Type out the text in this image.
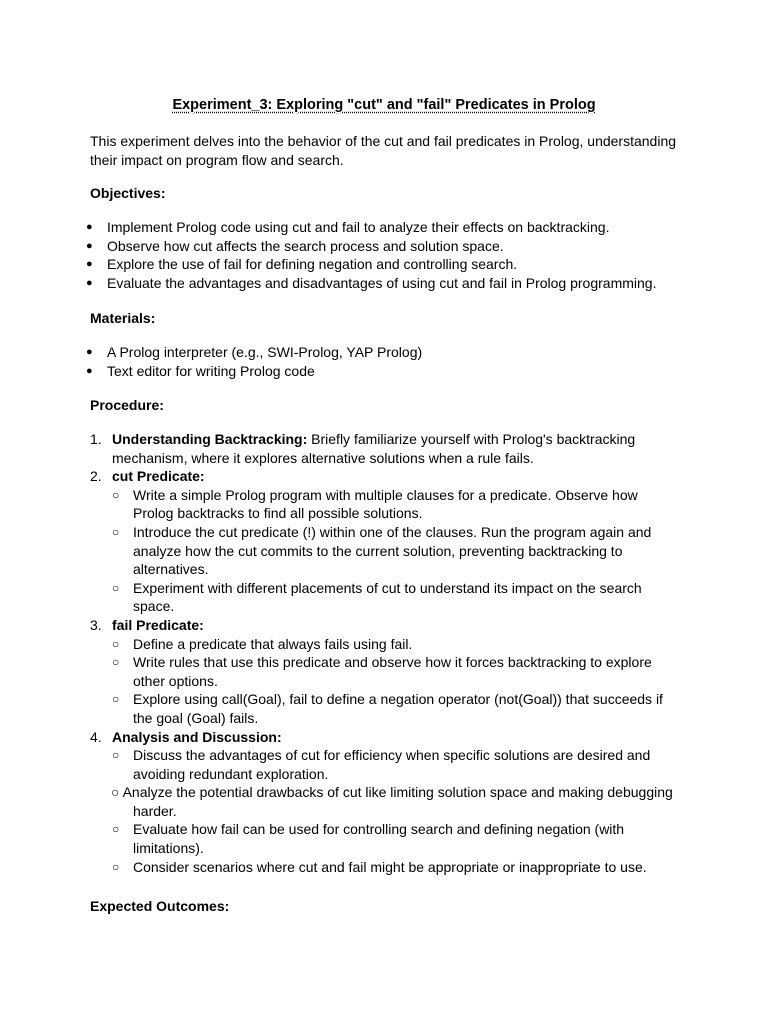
Experiment_3: Exploring "cut" and "fail" Predicates in Prolog
This experiment delves into the behavior of the cut and fail predicates in Prolog, understanding their impact on program flow and search.
Objectives:
● Implement Prolog code using cut and fail to analyze their effects on backtracking.
● Observe how cut affects the search process and solution space.
● Explore the use of fail for defining negation and controlling search.
● Evaluate the advantages and disadvantages of using cut and fail in Prolog programming.
Materials:
● A Prolog interpreter (e.g., SWI-Prolog, YAP Prolog)
● Text editor for writing Prolog code
Procedure:
1. Understanding Backtracking: Briefly familiarize yourself with Prolog's backtracking mechanism, where it explores alternative solutions when a rule fails.
2. cut Predicate:
○ Write a simple Prolog program with multiple clauses for a predicate. Observe how Prolog backtracks to find all possible solutions.
○ Introduce the cut predicate (!) within one of the clauses. Run the program again and analyze how the cut commits to the current solution, preventing backtracking to alternatives.
○ Experiment with different placements of cut to understand its impact on the search space.
3. fail Predicate:
○ Define a predicate that always fails using fail.
○ Write rules that use this predicate and observe how it forces backtracking to explore other options.
○ Explore using call(Goal), fail to define a negation operator (not(Goal)) that succeeds if the goal (Goal) fails.
4. Analysis and Discussion:
○ Discuss the advantages of cut for efficiency when specific solutions are desired and avoiding redundant exploration.
○ Analyze the potential drawbacks of cut like limiting solution space and making debugging
harder.
○ Evaluate how fail can be used for controlling search and defining negation (with limitations).
○ Consider scenarios where cut and fail might be appropriate or inappropriate to use.
Expected Outcomes:
